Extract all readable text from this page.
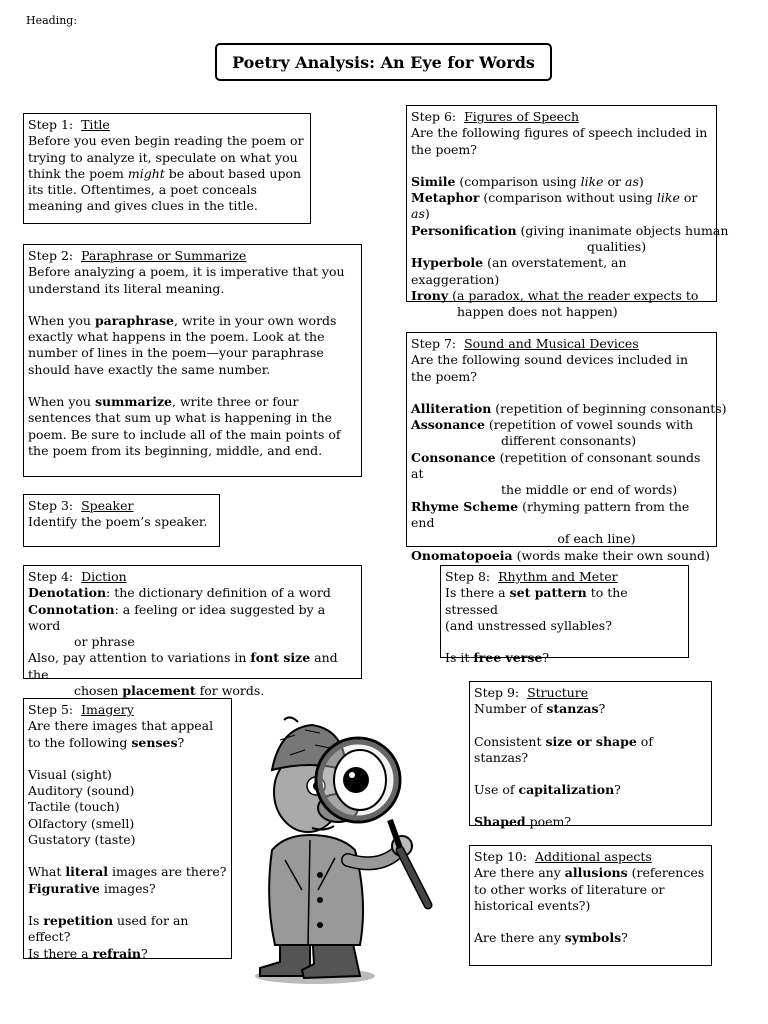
Heading:
Poetry Analysis: An Eye for Words

Step 1: Title

Before you even begin reading the poem or trying to analyze it, speculate on what you think the poem might be about based upon its title. Oftentimes, a poet conceals meaning and gives clues in the title.

Step 2: Paraphrase or Summarize

Before analyzing a poem, it is imperative that you understand its literal meaning.

When you paraphrase, write in your own words exactly what happens in the poem. Look at the number of lines in the poem—your paraphrase should have exactly the same number.

When you summarize, write three or four sentences that sum up what is happening in the poem. Be sure to include all of the main points of the poem from its beginning, middle, and end.

Step 3: Speaker

Identify the poem’s speaker.

Step 4: Diction

Denotation: the dictionary definition of a word

Connotation: a feeling or idea suggested by a word

or phrase

Also, pay attention to variations in font size and the

chosen placement for words.

Step 5: Imagery

Are there images that appeal to the following senses?

Visual (sight)

Auditory (sound)

Tactile (touch)

Olfactory (smell)

Gustatory (taste)

What literal images are there?

Figurative images?

Is repetition used for an effect?

Is there a refrain?

Step 6: Figures of Speech

Are the following figures of speech included in the poem?

Simile (comparison using like or as)

Metaphor (comparison without using like or as)

Personification (giving inanimate objects human

qualities)

Hyperbole (an overstatement, an exaggeration)

Irony (a paradox, what the reader expects to

happen does not happen)

Step 7: Sound and Musical Devices

Are the following sound devices included in the poem?

Alliteration (repetition of beginning consonants)

Assonance (repetition of vowel sounds with

different consonants)

Consonance (repetition of consonant sounds at

the middle or end of words)

Rhyme Scheme (rhyming pattern from the end

of each line)

Onomatopoeia (words make their own sound)

Step 8: Rhythm and Meter

Is there a set pattern to the stressed

(and unstressed syllables?

Is it free verse?

Step 9: Structure

Number of stanzas?

Consistent size or shape of stanzas?

Use of capitalization?

Shaped poem?

Step 10: Additional aspects

Are there any allusions (references to other works of literature or historical events?)

Are there any symbols?
